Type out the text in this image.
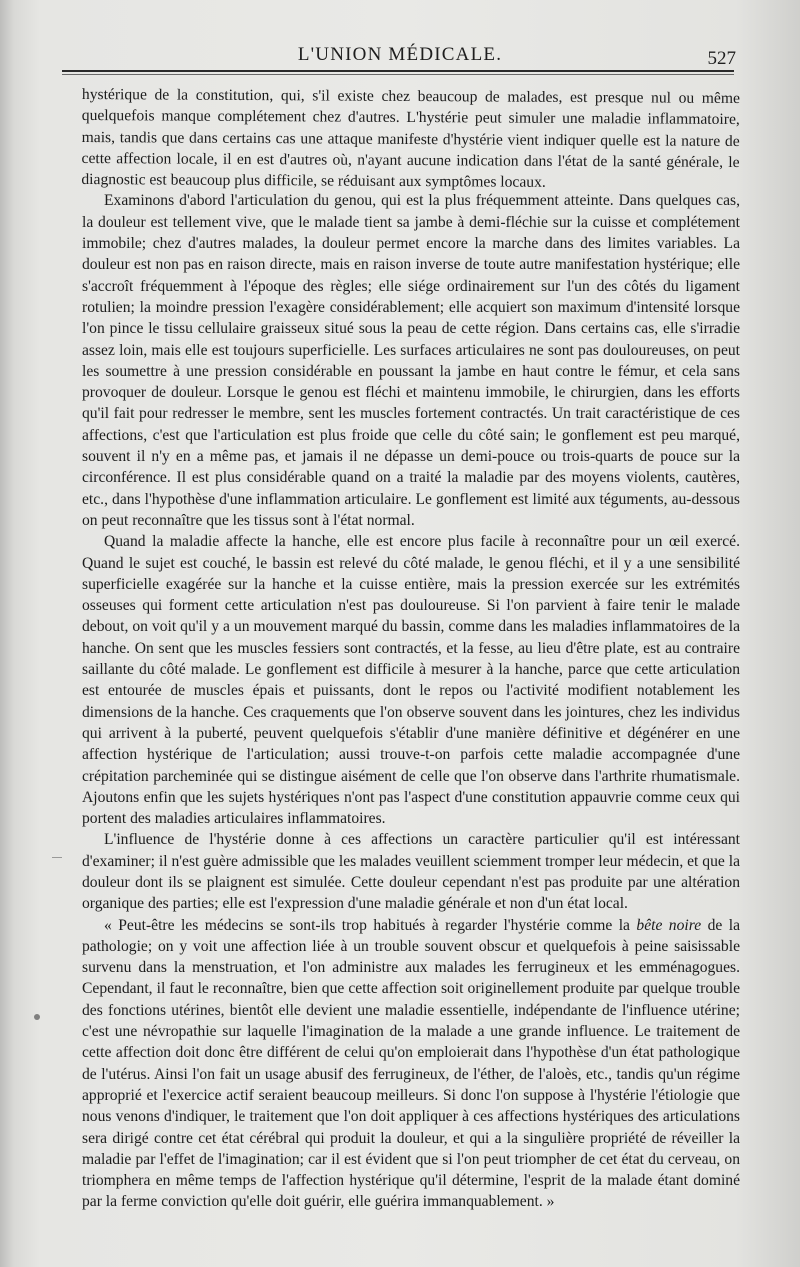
L'UNION MÉDICALE.	527

hystérique de la constitution, qui, s'il existe chez beaucoup de malades, est presque nul ou même quelquefois manque complétement chez d'autres. L'hystérie peut simuler une maladie inflammatoire, mais, tandis que dans certains cas une attaque manifeste d'hystérie vient indiquer quelle est la nature de cette affection locale, il en est d'autres où, n'ayant aucune indication dans l'état de la santé générale, le diagnostic est beaucoup plus difficile, se réduisant aux symptômes locaux.

Examinons d'abord l'articulation du genou, qui est la plus fréquemment atteinte. Dans quelques cas, la douleur est tellement vive, que le malade tient sa jambe à demi-fléchie sur la cuisse et complétement immobile; chez d'autres malades, la douleur permet encore la marche dans des limites variables. La douleur est non pas en raison directe, mais en raison inverse de toute autre manifestation hystérique; elle s'accroît fréquemment à l'époque des règles; elle siége ordinairement sur l'un des côtés du ligament rotulien; la moindre pression l'exagère considérablement; elle acquiert son maximum d'intensité lorsque l'on pince le tissu cellulaire graisseux situé sous la peau de cette région. Dans certains cas, elle s'irradie assez loin, mais elle est toujours superficielle. Les surfaces articulaires ne sont pas douloureuses, on peut les soumettre à une pression considérable en poussant la jambe en haut contre le fémur, et cela sans provoquer de douleur. Lorsque le genou est fléchi et maintenu immobile, le chirurgien, dans les efforts qu'il fait pour redresser le membre, sent les muscles fortement contractés. Un trait caractéristique de ces affections, c'est que l'articulation est plus froide que celle du côté sain; le gonflement est peu marqué, souvent il n'y en a même pas, et jamais il ne dépasse un demi-pouce ou trois-quarts de pouce sur la circonférence. Il est plus considérable quand on a traité la maladie par des moyens violents, cautères, etc., dans l'hypothèse d'une inflammation articulaire. Le gonflement est limité aux téguments, au-dessous on peut reconnaître que les tissus sont à l'état normal.

Quand la maladie affecte la hanche, elle est encore plus facile à reconnaître pour un œil exercé. Quand le sujet est couché, le bassin est relevé du côté malade, le genou fléchi, et il y a une sensibilité superficielle exagérée sur la hanche et la cuisse entière, mais la pression exercée sur les extrémités osseuses qui forment cette articulation n'est pas douloureuse. Si l'on parvient à faire tenir le malade debout, on voit qu'il y a un mouvement marqué du bassin, comme dans les maladies inflammatoires de la hanche. On sent que les muscles fessiers sont contractés, et la fesse, au lieu d'être plate, est au contraire saillante du côté malade. Le gonflement est difficile à mesurer à la hanche, parce que cette articulation est entourée de muscles épais et puissants, dont le repos ou l'activité modifient notablement les dimensions de la hanche. Ces craquements que l'on observe souvent dans les jointures, chez les individus qui arrivent à la puberté, peuvent quelquefois s'établir d'une manière définitive et dégénérer en une affection hystérique de l'articulation; aussi trouve-t-on parfois cette maladie accompagnée d'une crépitation parcheminée qui se distingue aisément de celle que l'on observe dans l'arthrite rhumatismale. Ajoutons enfin que les sujets hystériques n'ont pas l'aspect d'une constitution appauvrie comme ceux qui portent des maladies articulaires inflammatoires.

L'influence de l'hystérie donne à ces affections un caractère particulier qu'il est intéressant d'examiner; il n'est guère admissible que les malades veuillent sciemment tromper leur médecin, et que la douleur dont ils se plaignent est simulée. Cette douleur cependant n'est pas produite par une altération organique des parties; elle est l'expression d'une maladie générale et non d'un état local.

« Peut-être les médecins se sont-ils trop habitués à regarder l'hystérie comme la bête noire de la pathologie; on y voit une affection liée à un trouble souvent obscur et quelquefois à peine saisissable survenu dans la menstruation, et l'on administre aux malades les ferrugineux et les emménagogues. Cependant, il faut le reconnaître, bien que cette affection soit originellement produite par quelque trouble des fonctions utérines, bientôt elle devient une maladie essentielle, indépendante de l'influence utérine; c'est une névropathie sur laquelle l'imagination de la malade a une grande influence. Le traitement de cette affection doit donc être différent de celui qu'on emploierait dans l'hypothèse d'un état pathologique de l'utérus. Ainsi l'on fait un usage abusif des ferrugineux, de l'éther, de l'aloès, etc., tandis qu'un régime approprié et l'exercice actif seraient beaucoup meilleurs. Si donc l'on suppose à l'hystérie l'étiologie que nous venons d'indiquer, le traitement que l'on doit appliquer à ces affections hystériques des articulations sera dirigé contre cet état cérébral qui produit la douleur, et qui a la singulière propriété de réveiller la maladie par l'effet de l'imagination; car il est évident que si l'on peut triompher de cet état du cerveau, on triomphera en même temps de l'affection hystérique qu'il détermine, l'esprit de la malade étant dominé par la ferme conviction qu'elle doit guérir, elle guérira immanquablement. »
